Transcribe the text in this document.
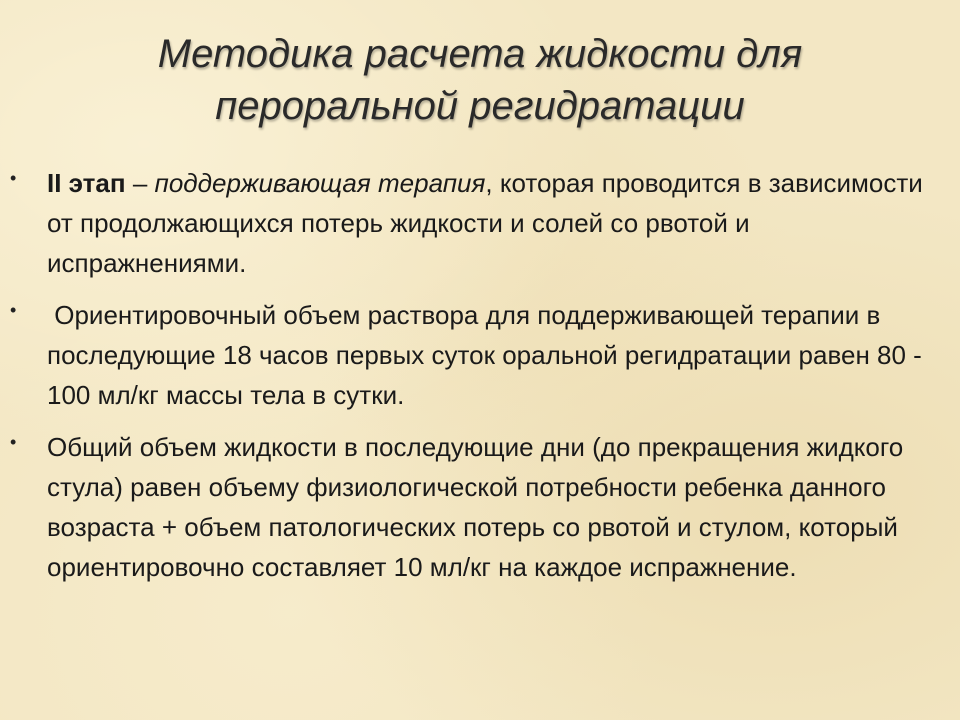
Методика расчета жидкости для пероральной регидратации
• II этап – поддерживающая терапия, которая проводится в зависимости от продолжающихся потерь жидкости и солей со рвотой и испражнениями.
• Ориентировочный объем раствора для поддерживающей терапии в последующие 18 часов первых суток оральной регидратации равен 80 - 100 мл/кг массы тела в сутки.
• Общий объем жидкости в последующие дни (до прекращения жидкого стула) равен объему физиологической потребности ребенка данного возраста + объем патологических потерь со рвотой и стулом, который ориентировочно составляет 10 мл/кг на каждое испражнение.
